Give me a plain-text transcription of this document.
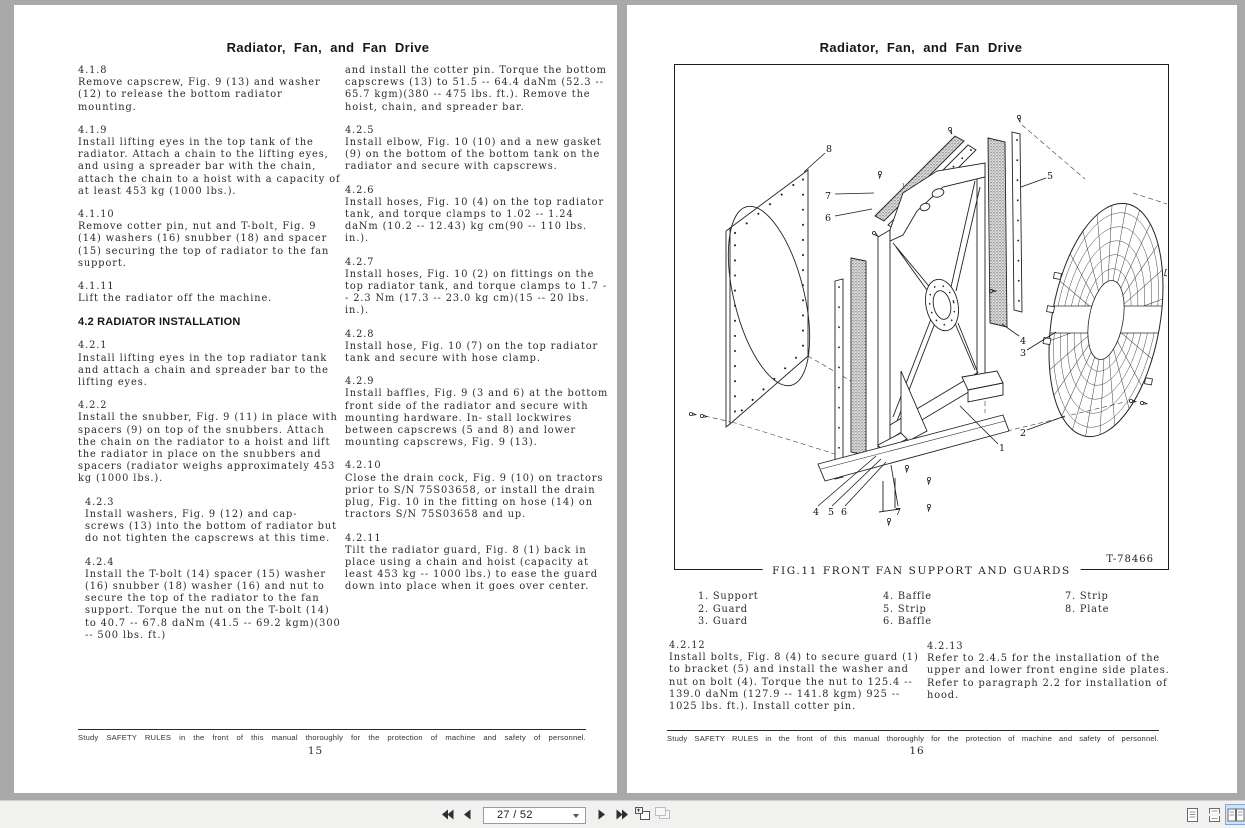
Radiator, Fan, and Fan Drive
4.1.8
Remove capscrew, Fig. 9 (13) and washer (12) to release the bottom radiator mounting.
4.1.9
Install lifting eyes in the top tank of the radiator. Attach a chain to the lifting eyes, and using a spreader bar with the chain, attach the chain to a hoist with a capacity of at least 453 kg (1000 lbs.).
4.1.10
Remove cotter pin, nut and T-bolt, Fig. 9 (14) washers (16) snubber (18) and spacer (15) securing the top of radiator to the fan support.
4.1.11
Lift the radiator off the machine.
4.2 RADIATOR INSTALLATION
4.2.1
Install lifting eyes in the top radiator tank and attach a chain and spreader bar to the lifting eyes.
4.2.2
Install the snubber, Fig. 9 (11) in place with spacers (9) on top of the snubbers. Attach the chain on the radiator to a hoist and lift the radiator in place on the snubbers and spacers (radiator weighs approximately 453 kg (1000 lbs.).
4.2.3
Install washers, Fig. 9 (12) and cap- screws (13) into the bottom of radiator but do not tighten the capscrews at this time.
4.2.4
Install the T-bolt (14) spacer (15) washer (16) snubber (18) washer (16) and nut to secure the top of the radiator to the fan support. Torque the nut on the T-bolt (14) to 40.7 -- 67.8 daNm (41.5 -- 69.2 kgm)(300 -- 500 lbs. ft.)
and install the cotter pin. Torque the bottom capscrews (13) to 51.5 -- 64.4 daNm (52.3 -- 65.7 kgm)(380 -- 475 lbs. ft.). Remove the hoist, chain, and spreader bar.
4.2.5
Install elbow, Fig. 10 (10) and a new gasket (9) on the bottom of the bottom tank on the radiator and secure with capscrews.
4.2.6
Install hoses, Fig. 10 (4) on the top radiator tank, and torque clamps to 1.02 -- 1.24 daNm (10.2 -- 12.43) kg cm(90 -- 110 lbs. in.).
4.2.7
Install hoses, Fig. 10 (2) on fittings on the top radiator tank, and torque clamps to 1.7 -- 2.3 Nm (17.3 -- 23.0 kg cm)(15 -- 20 lbs. in.).
4.2.8
Install hose, Fig. 10 (7) on the top radiator tank and secure with hose clamp.
4.2.9
Install baffles, Fig. 9 (3 and 6) at the bottom front side of the radiator and secure with mounting hardware. In- stall lockwires between capscrews (5 and 8) and lower mounting capscrews, Fig. 9 (13).
4.2.10
Close the drain cock, Fig. 9 (10) on tractors prior to S/N 75S03658, or install the drain plug, Fig. 10 in the fitting on hose (14) on tractors S/N 75S03658 and up.
4.2.11
Tilt the radiator guard, Fig. 8 (1) back in place using a chain and hoist (capacity at least 453 kg -- 1000 lbs.) to ease the guard down into place when it goes over center.
Study SAFETY RULES in the front of this manual thoroughly for the protection of machine and safety of personnel.
15
Radiator, Fan, and Fan Drive
8
7
6
5
4
3
2
1
4 5 6	7
T-78466
FIG.11 FRONT FAN SUPPORT AND GUARDS
1. Support
2. Guard
3. Guard
4. Baffle
5. Strip
6. Baffle
7. Strip
8. Plate
4.2.12
Install bolts, Fig. 8 (4) to secure guard (1) to bracket (5) and install the washer and nut on bolt (4). Torque the nut to 125.4 -- 139.0 daNm (127.9 -- 141.8 kgm) 925 -- 1025 lbs. ft.). Install cotter pin.
4.2.13
Refer to 2.4.5 for the installation of the upper and lower front engine side plates. Refer to paragraph 2.2 for installation of hood.
Study SAFETY RULES in the front of this manual thoroughly for the protection of machine and safety of personnel.
16
27 / 52
